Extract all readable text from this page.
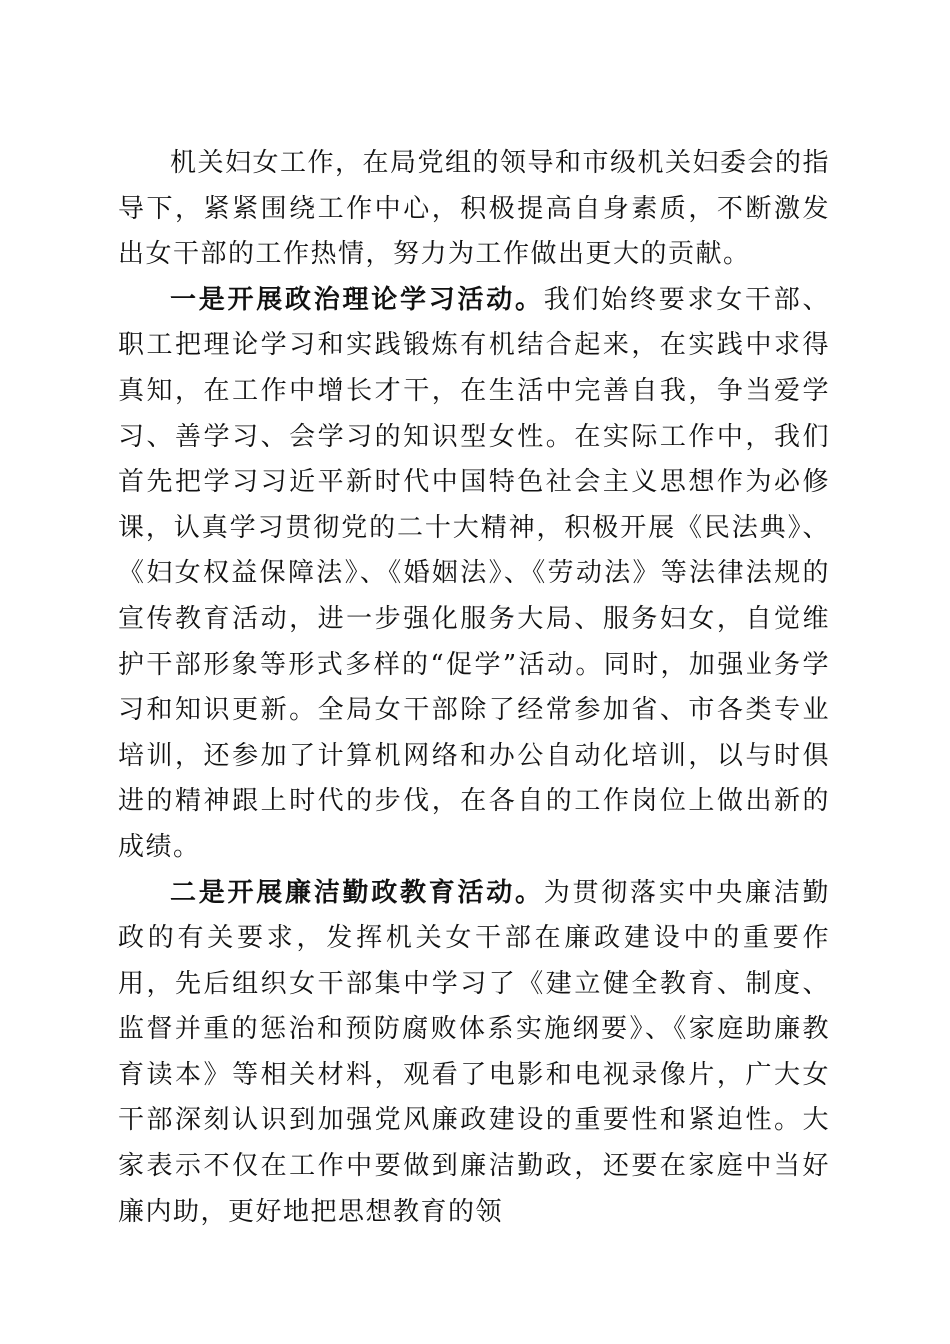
机关妇女工作，在局党组的领导和市级机关妇委会的指导下，紧紧围绕工作中心，积极提高自身素质，不断激发出女干部的工作热情，努力为工作做出更大的贡献。

一是开展政治理论学习活动。我们始终要求女干部、职工把理论学习和实践锻炼有机结合起来，在实践中求得真知，在工作中增长才干，在生活中完善自我，争当爱学习、善学习、会学习的知识型女性。在实际工作中，我们首先把学习习近平新时代中国特色社会主义思想作为必修课，认真学习贯彻党的二十大精神，积极开展《民法典》、《妇女权益保障法》、《婚姻法》、《劳动法》等法律法规的宣传教育活动，进一步强化服务大局、服务妇女，自觉维护干部形象等形式多样的“促学”活动。同时，加强业务学习和知识更新。全局女干部除了经常参加省、市各类专业培训，还参加了计算机网络和办公自动化培训，以与时俱进的精神跟上时代的步伐，在各自的工作岗位上做出新的成绩。

二是开展廉洁勤政教育活动。为贯彻落实中央廉洁勤政的有关要求，发挥机关女干部在廉政建设中的重要作用，先后组织女干部集中学习了《建立健全教育、制度、监督并重的惩治和预防腐败体系实施纲要》、《家庭助廉教育读本》等相关材料，观看了电影和电视录像片，广大女干部深刻认识到加强党风廉政建设的重要性和紧迫性。大家表示不仅在工作中要做到廉洁勤政，还要在家庭中当好廉内助，更好地把思想教育的领
